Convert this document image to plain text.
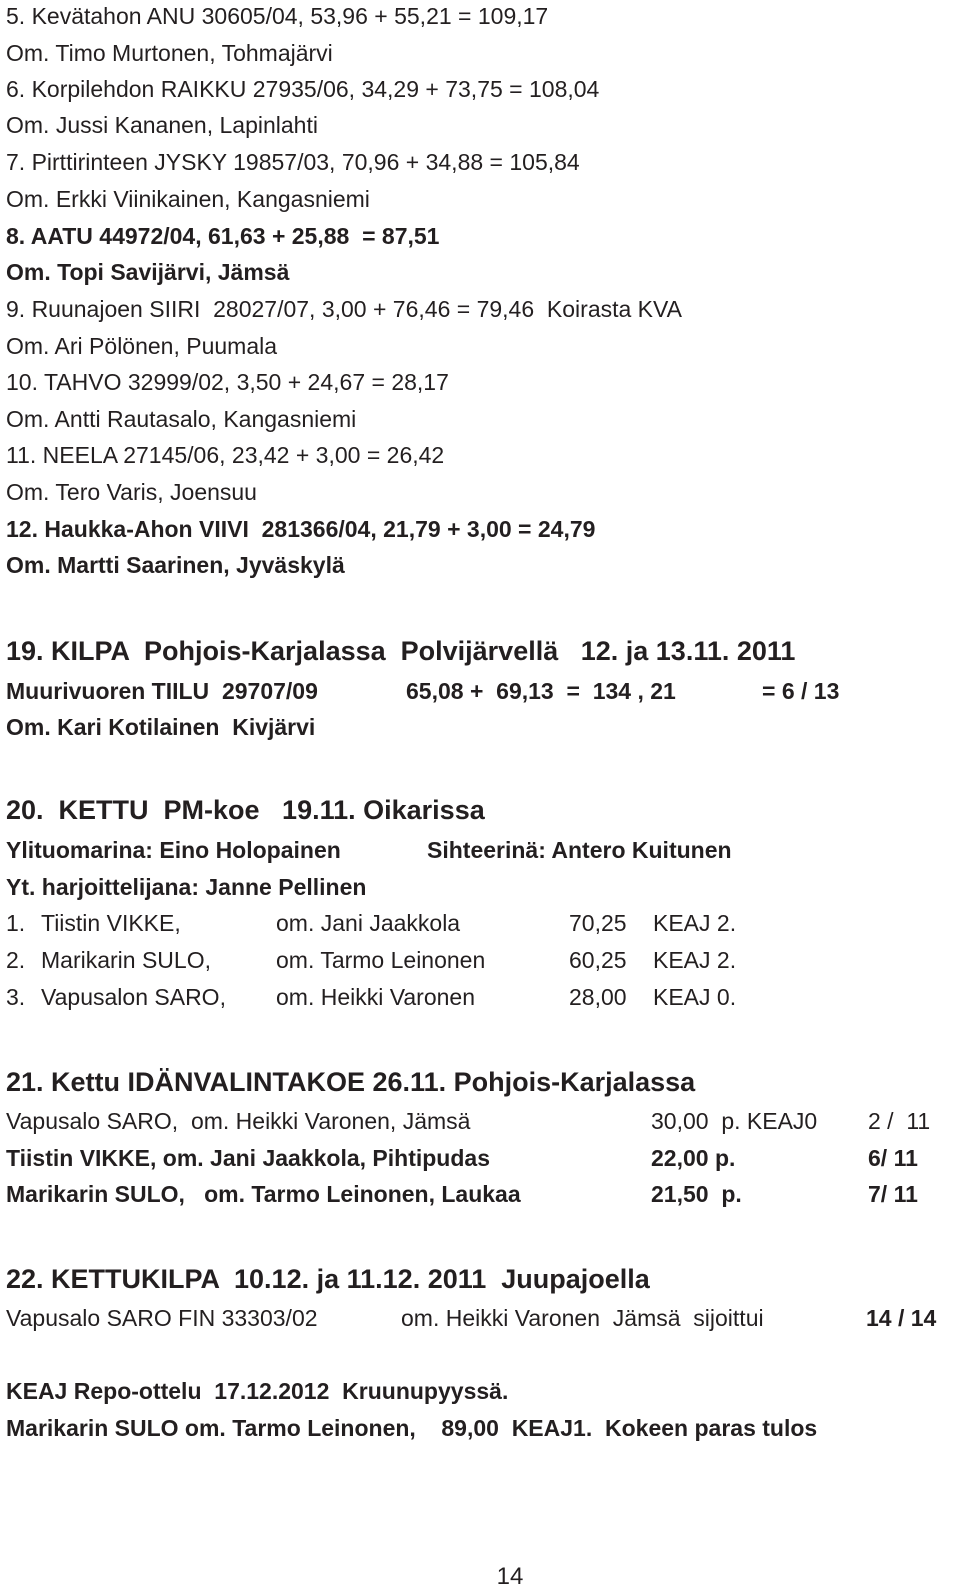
5. Kevätahon ANU 30605/04, 53,96 + 55,21 = 109,17

Om. Timo Murtonen, Tohmajärvi

6. Korpilehdon RAIKKU 27935/06, 34,29 + 73,75 = 108,04

Om. Jussi Kananen, Lapinlahti

7. Pirttirinteen JYSKY 19857/03, 70,96 + 34,88 = 105,84

Om. Erkki Viinikainen, Kangasniemi

8. AATU 44972/04, 61,63 + 25,88  = 87,51

Om. Topi Savijärvi, Jämsä

9. Ruunajoen SIIRI  28027/07, 3,00 + 76,46 = 79,46  Koirasta KVA

Om. Ari Pölönen, Puumala

10. TAHVO 32999/02, 3,50 + 24,67 = 28,17

Om. Antti Rautasalo, Kangasniemi

11. NEELA 27145/06, 23,42 + 3,00 = 26,42

Om. Tero Varis, Joensuu

12. Haukka-Ahon VIIVI  281366/04, 21,79 + 3,00 = 24,79

Om. Martti Saarinen, Jyväskylä

19. KILPA  Pohjois-Karjalassa  Polvijärvellä   12. ja 13.11. 2011

Muurivuoren TIILU  29707/09	65,08 +  69,13  =  134 , 21	= 6 / 13

Om. Kari Kotilainen  Kivjärvi

20.  KETTU  PM-koe   19.11. Oikarissa

Ylituomarina: Eino Holopainen	Sihteerinä: Antero Kuitunen

Yt. harjoittelijana: Janne Pellinen

1. Tiistin VIKKE,	om. Jani Jaakkola	70,25 KEAJ 2.
2. Marikarin SULO,	om. Tarmo Leinonen	60,25 KEAJ 2.
3. Vapusalon SARO, om. Heikki Varonen	28,00 KEAJ 0.

21. Kettu IDÄNVALINTAKOE 26.11. Pohjois-Karjalassa

Vapusalo SARO,  om. Heikki Varonen, Jämsä	30,00  p. KEAJ0 2 /  11
Tiistin VIKKE, om. Jani Jaakkola, Pihtipudas	22,00 p.	6/ 11
Marikarin SULO,   om. Tarmo Leinonen, Laukaa	21,50  p.	7/ 11

22. KETTUKILPA  10.12. ja 11.12. 2011  Juupajoella

Vapusalo SARO FIN 33303/02	om. Heikki Varonen  Jämsä  sijoittui	14 / 14

KEAJ Repo-ottelu  17.12.2012  Kruunupyyssä.

Marikarin SULO om. Tarmo Leinonen,    89,00  KEAJ1.  Kokeen paras tulos

14
